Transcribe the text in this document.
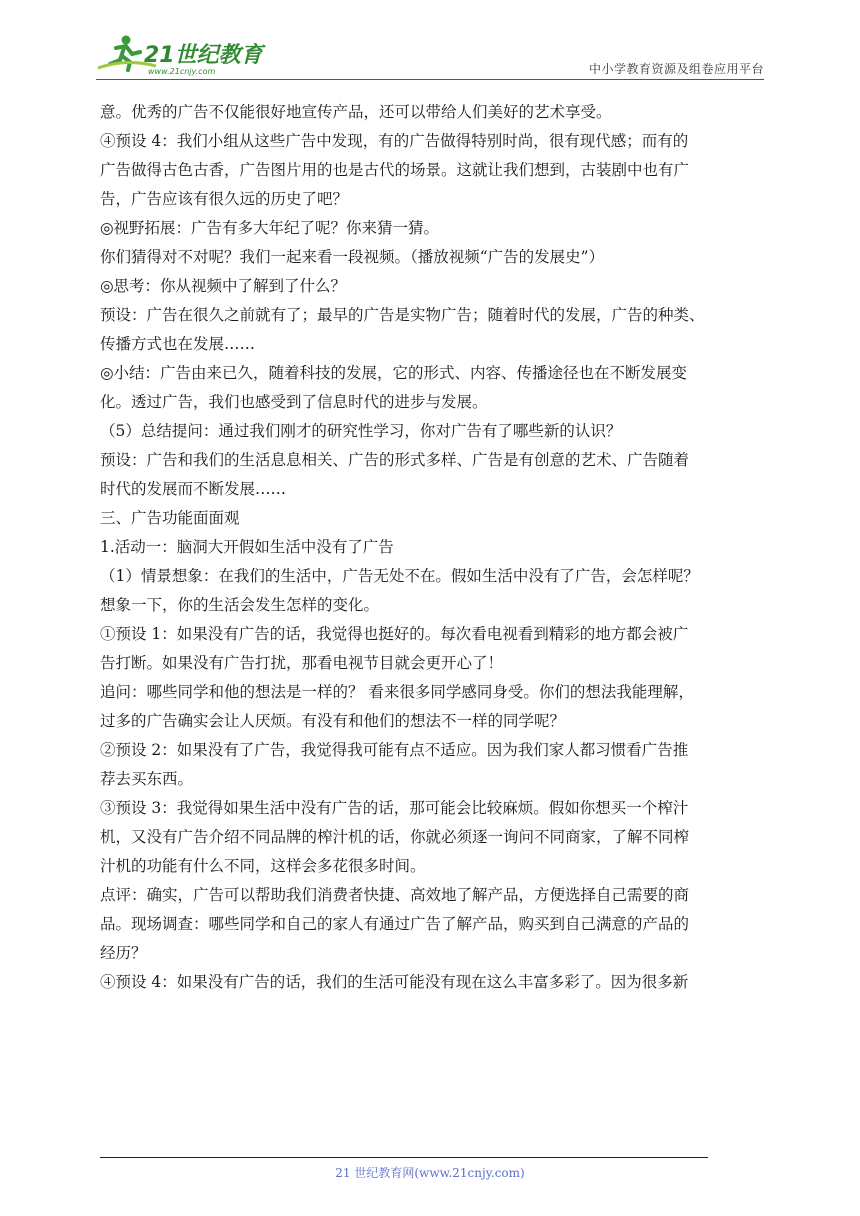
21世纪教育
www.21cnjy.com	中小学教育资源及组卷应用平台

意。优秀的广告不仅能很好地宣传产品，还可以带给人们美好的艺术享受。

④预设 4：我们小组从这些广告中发现，有的广告做得特别时尚，很有现代感；而有的

广告做得古色古香，广告图片用的也是古代的场景。这就让我们想到，古装剧中也有广

告，广告应该有很久远的历史了吧？

◎视野拓展：广告有多大年纪了呢？你来猜一猜。

你们猜得对不对呢？我们一起来看一段视频。（播放视频“广告的发展史”）

◎思考：你从视频中了解到了什么？

预设：广告在很久之前就有了；最早的广告是实物广告；随着时代的发展，广告的种类、

传播方式也在发展……

◎小结：广告由来已久，随着科技的发展，它的形式、内容、传播途径也在不断发展变

化。透过广告，我们也感受到了信息时代的进步与发展。

（5）总结提问：通过我们刚才的研究性学习，你对广告有了哪些新的认识？

预设：广告和我们的生活息息相关、广告的形式多样、广告是有创意的艺术、广告随着

时代的发展而不断发展……

三、广告功能面面观

1.活动一：脑洞大开假如生活中没有了广告

（1）情景想象：在我们的生活中，广告无处不在。假如生活中没有了广告，会怎样呢？

想象一下，你的生活会发生怎样的变化。

①预设 1：如果没有广告的话，我觉得也挺好的。每次看电视看到精彩的地方都会被广

告打断。如果没有广告打扰，那看电视节目就会更开心了！

追问：哪些同学和他的想法是一样的？ 看来很多同学感同身受。你们的想法我能理解，

过多的广告确实会让人厌烦。有没有和他们的想法不一样的同学呢？

②预设 2：如果没有了广告，我觉得我可能有点不适应。因为我们家人都习惯看广告推

荐去买东西。

③预设 3：我觉得如果生活中没有广告的话，那可能会比较麻烦。假如你想买一个榨汁

机，又没有广告介绍不同品牌的榨汁机的话，你就必须逐一询问不同商家，了解不同榨

汁机的功能有什么不同，这样会多花很多时间。

点评：确实，广告可以帮助我们消费者快捷、高效地了解产品，方便选择自己需要的商

品。现场调查：哪些同学和自己的家人有通过广告了解产品，购买到自己满意的产品的

经历？

④预设 4：如果没有广告的话，我们的生活可能没有现在这么丰富多彩了。因为很多新

21 世纪教育网(www.21cnjy.com)
